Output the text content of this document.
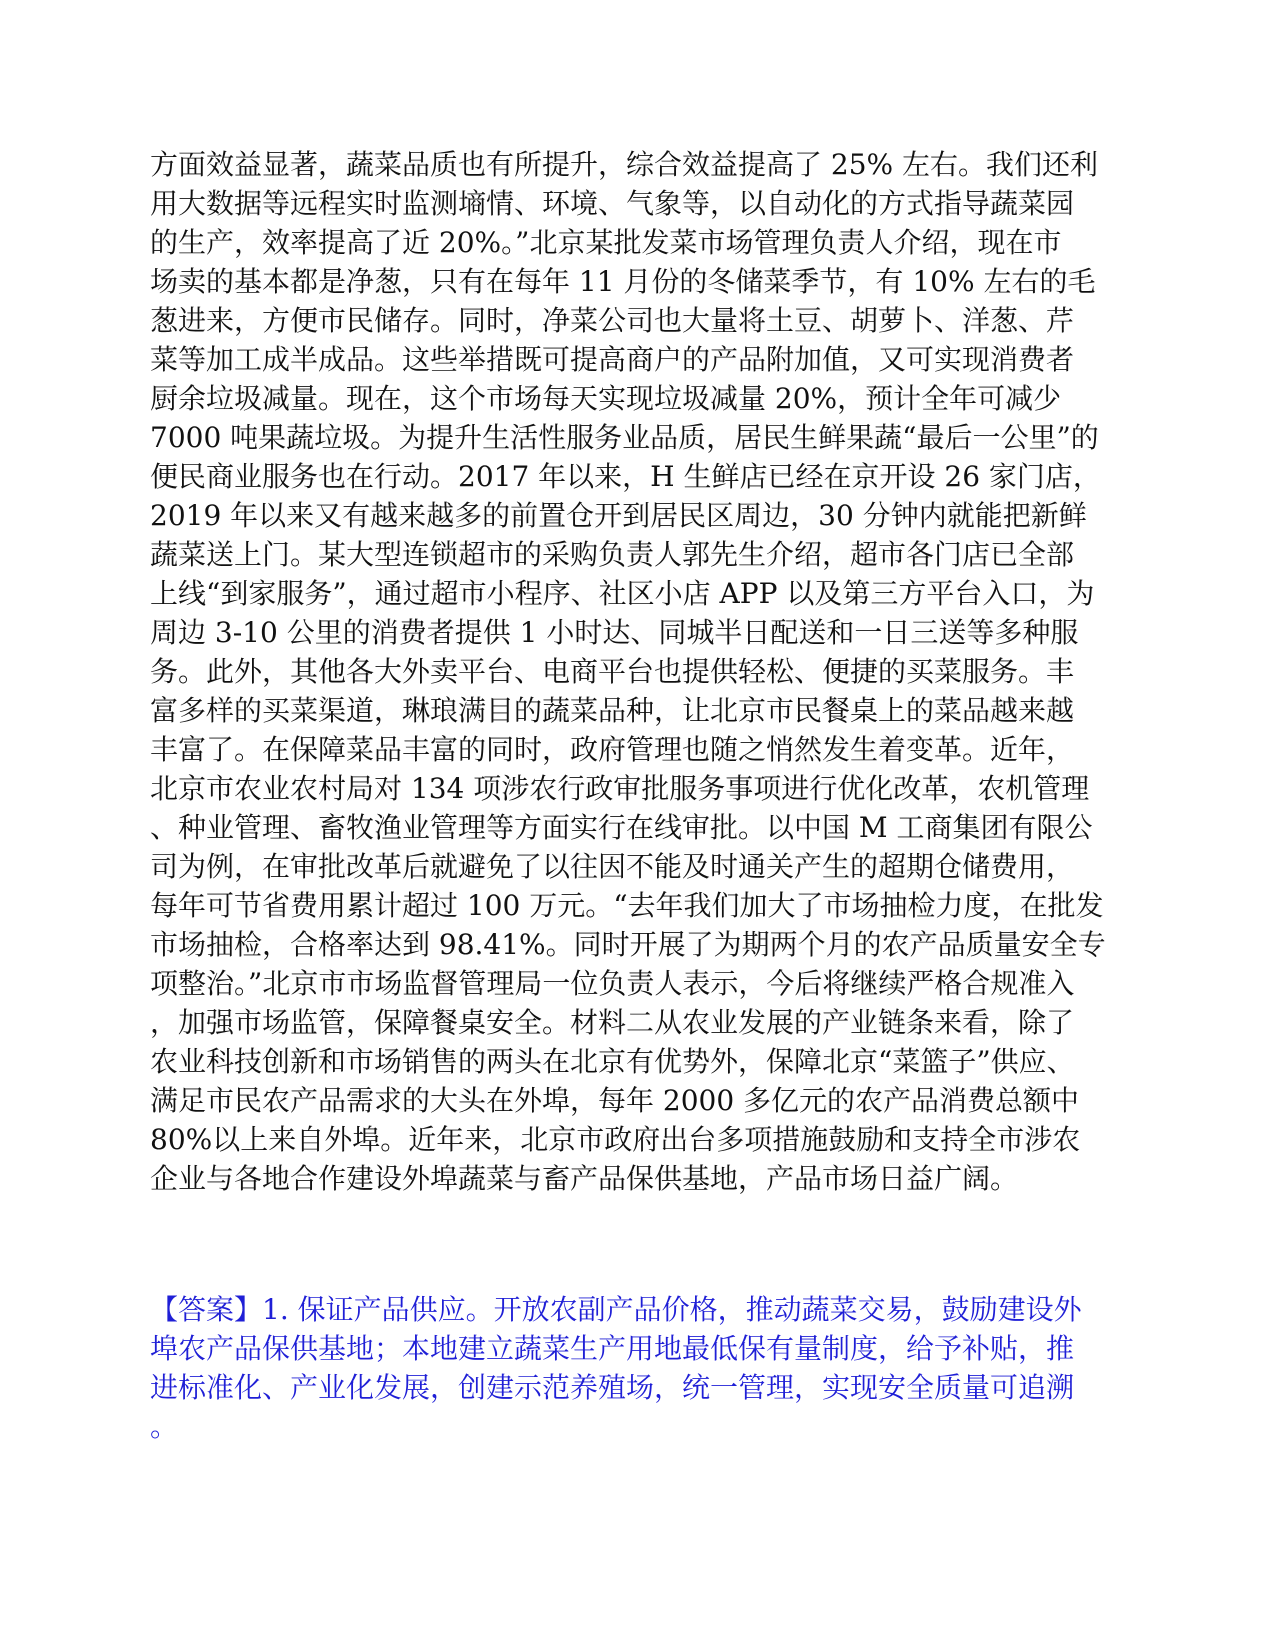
方面效益显著，蔬菜品质也有所提升，综合效益提高了 25% 左右。我们还利
用大数据等远程实时监测墒情、环境、气象等，以自动化的方式指导蔬菜园
的生产，效率提高了近 20%。”北京某批发菜市场管理负责人介绍，现在市
场卖的基本都是净葱，只有在每年 11 月份的冬储菜季节，有 10% 左右的毛
葱进来，方便市民储存。同时，净菜公司也大量将土豆、胡萝卜、洋葱、芹
菜等加工成半成品。这些举措既可提高商户的产品附加值，又可实现消费者
厨余垃圾减量。现在，这个市场每天实现垃圾减量 20%，预计全年可减少
7000 吨果蔬垃圾。为提升生活性服务业品质，居民生鲜果蔬“最后一公里”的
便民商业服务也在行动。2017 年以来，H 生鲜店已经在京开设 26 家门店，
2019 年以来又有越来越多的前置仓开到居民区周边，30 分钟内就能把新鲜
蔬菜送上门。某大型连锁超市的采购负责人郭先生介绍，超市各门店已全部
上线“到家服务”，通过超市小程序、社区小店 APP 以及第三方平台入口，为
周边 3-10 公里的消费者提供 1 小时达、同城半日配送和一日三送等多种服
务。此外，其他各大外卖平台、电商平台也提供轻松、便捷的买菜服务。丰
富多样的买菜渠道，琳琅满目的蔬菜品种，让北京市民餐桌上的菜品越来越
丰富了。在保障菜品丰富的同时，政府管理也随之悄然发生着变革。近年，
北京市农业农村局对 134 项涉农行政审批服务事项进行优化改革，农机管理
、种业管理、畜牧渔业管理等方面实行在线审批。以中国 M 工商集团有限公
司为例，在审批改革后就避免了以往因不能及时通关产生的超期仓储费用，
每年可节省费用累计超过 100 万元。“去年我们加大了市场抽检力度，在批发
市场抽检，合格率达到 98.41%。同时开展了为期两个月的农产品质量安全专
项整治。”北京市市场监督管理局一位负责人表示，今后将继续严格合规准入
，加强市场监管，保障餐桌安全。材料二从农业发展的产业链条来看，除了
农业科技创新和市场销售的两头在北京有优势外，保障北京“菜篮子”供应、
满足市民农产品需求的大头在外埠，每年 2000 多亿元的农产品消费总额中
80%以上来自外埠。近年来，北京市政府出台多项措施鼓励和支持全市涉农
企业与各地合作建设外埠蔬菜与畜产品保供基地，产品市场日益广阔。
【答案】1. 保证产品供应。开放农副产品价格，推动蔬菜交易，鼓励建设外
埠农产品保供基地；本地建立蔬菜生产用地最低保有量制度，给予补贴，推
进标准化、产业化发展，创建示范养殖场，统一管理，实现安全质量可追溯
。
